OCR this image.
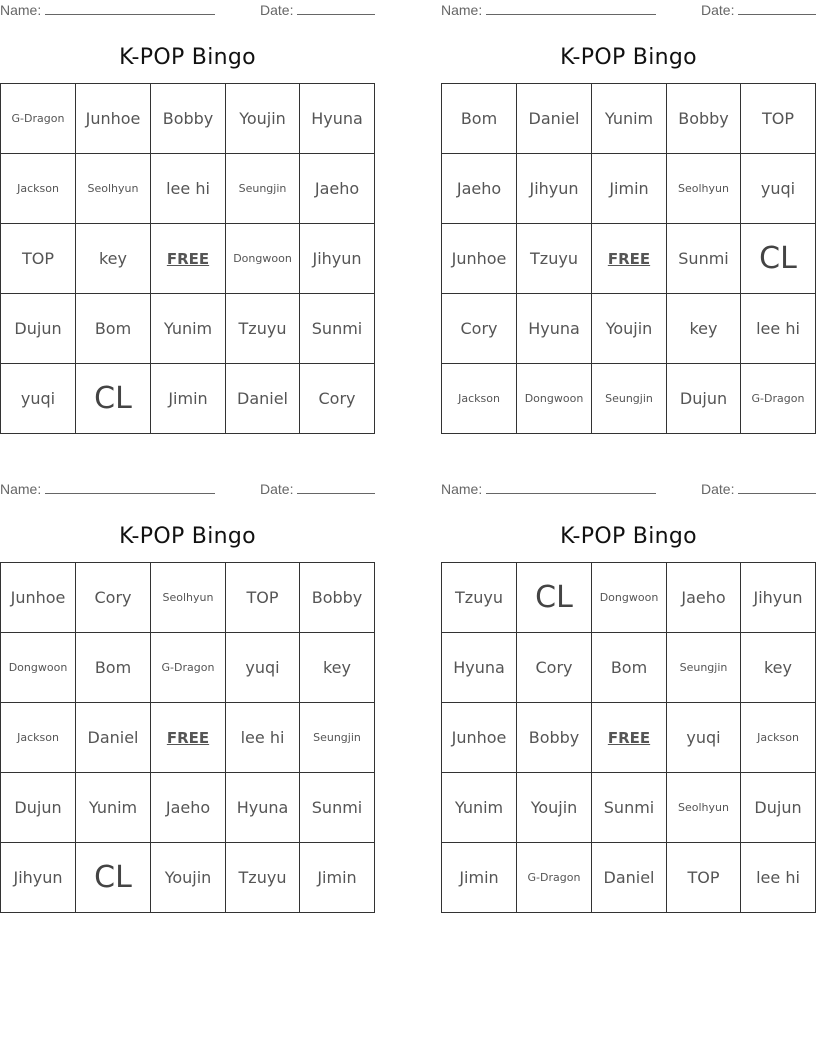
Name:	Date:
K-POP Bingo
G-Dragon	Junhoe	Bobby	Youjin	Hyuna
Jackson	Seolhyun	lee hi	Seungjin	Jaeho
TOP	key	FREE	Dongwoon	Jihyun
Dujun	Bom	Yunim	Tzuyu	Sunmi
yuqi	CL	Jimin	Daniel	Cory
Name:	Date:
K-POP Bingo
Bom	Daniel	Yunim	Bobby	TOP
Jaeho	Jihyun	Jimin	Seolhyun	yuqi
Junhoe	Tzuyu	FREE	Sunmi	CL
Cory	Hyuna	Youjin	key	lee hi
Jackson	Dongwoon	Seungjin	Dujun	G-Dragon
Name:	Date:
K-POP Bingo
Junhoe	Cory	Seolhyun	TOP	Bobby
Dongwoon	Bom	G-Dragon	yuqi	key
Jackson	Daniel	FREE	lee hi	Seungjin
Dujun	Yunim	Jaeho	Hyuna	Sunmi
Jihyun	CL	Youjin	Tzuyu	Jimin
Name:	Date:
K-POP Bingo
Tzuyu	CL	Dongwoon	Jaeho	Jihyun
Hyuna	Cory	Bom	Seungjin	key
Junhoe	Bobby	FREE	yuqi	Jackson
Yunim	Youjin	Sunmi	Seolhyun	Dujun
Jimin	G-Dragon	Daniel	TOP	lee hi
